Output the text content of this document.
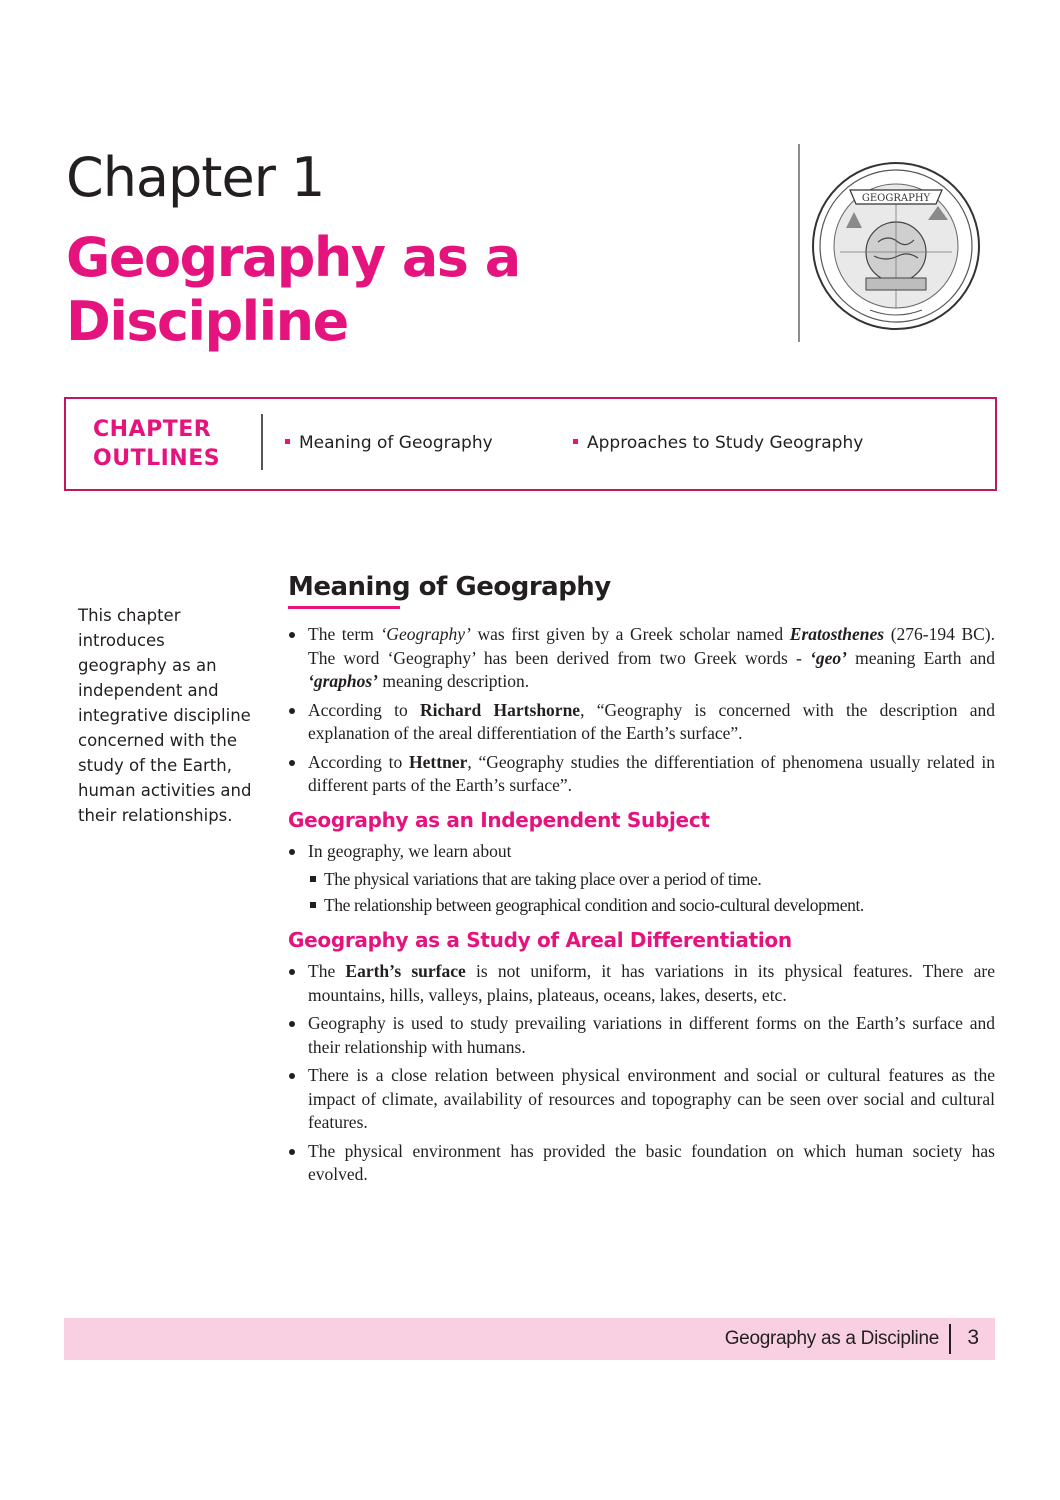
Chapter 1
Geography as a Discipline
GEOGRAPHY
CHAPTER OUTLINES
Meaning of Geography	Approaches to Study Geography
This chapter introduces geography as an independent and integrative discipline concerned with the study of the Earth, human activities and their relationships.
Meaning of Geography
The term ‘Geography’ was first given by a Greek scholar named Eratosthenes (276-194 BC). The word ‘Geography’ has been derived from two Greek words - ‘geo’ meaning Earth and ‘graphos’ meaning description.
According to Richard Hartshorne, “Geography is concerned with the description and explanation of the areal differentiation of the Earth’s surface”.
According to Hettner, “Geography studies the differentiation of phenomena usually related in different parts of the Earth’s surface”.
Geography as an Independent Subject
In geography, we learn about
The physical variations that are taking place over a period of time.
The relationship between geographical condition and socio-cultural development.
Geography as a Study of Areal Differentiation
The Earth’s surface is not uniform, it has variations in its physical features. There are mountains, hills, valleys, plains, plateaus, oceans, lakes, deserts, etc.
Geography is used to study prevailing variations in different forms on the Earth’s surface and their relationship with humans.
There is a close relation between physical environment and social or cultural features as the impact of climate, availability of resources and topography can be seen over social and cultural features.
The physical environment has provided the basic foundation on which human society has evolved.
Geography as a Discipline 3
